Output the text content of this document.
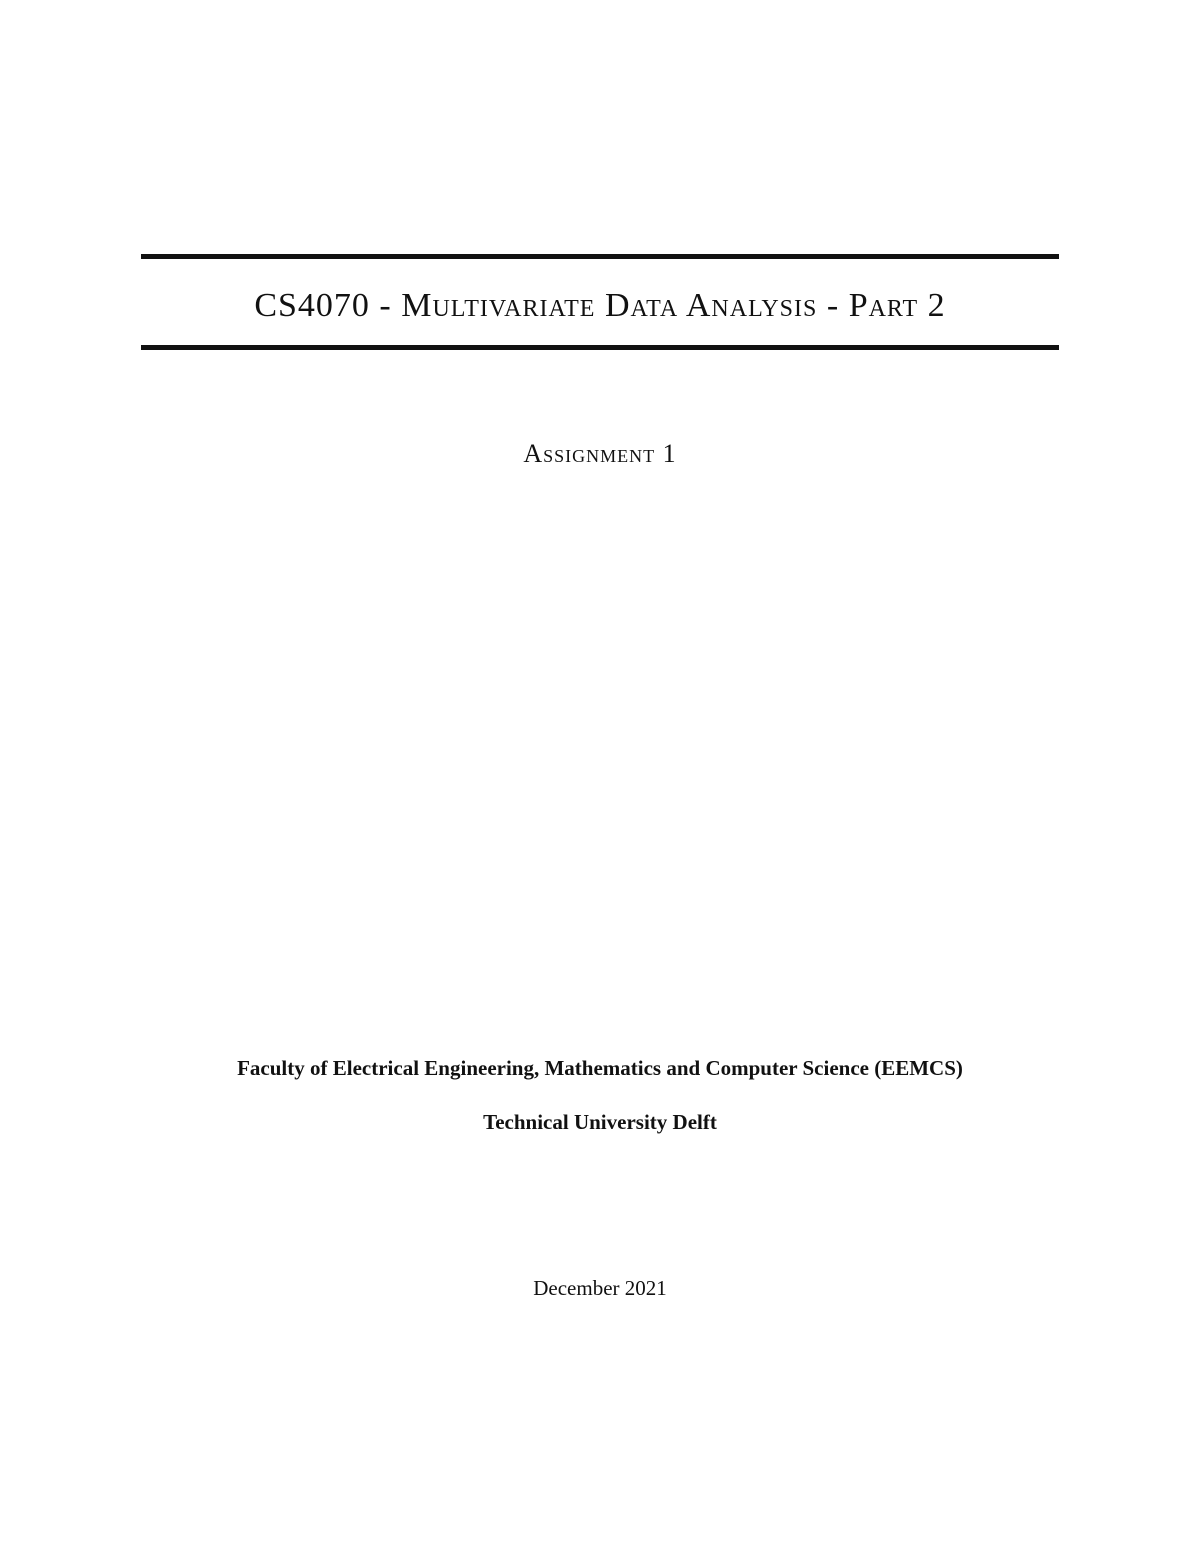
CS4070 - Multivariate Data Analysis - Part 2
Assignment 1
Faculty of Electrical Engineering, Mathematics and Computer Science (EEMCS)
Technical University Delft
December 2021
